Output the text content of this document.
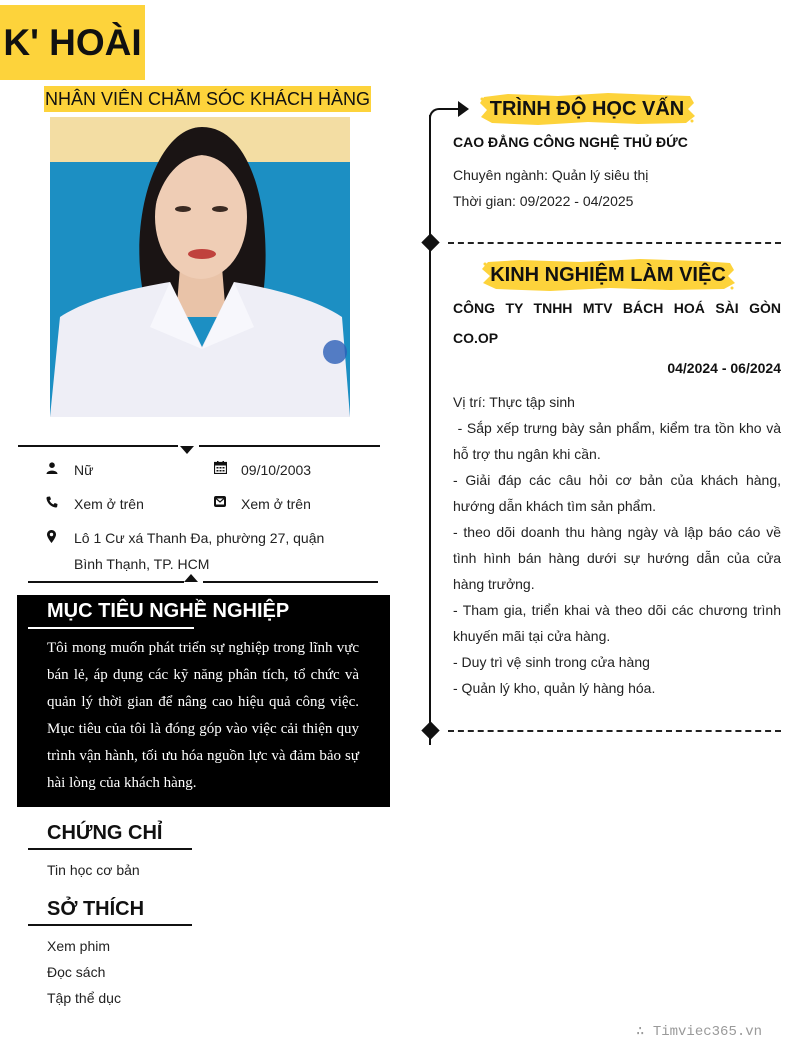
K' HOÀI
NHÂN VIÊN CHĂM SÓC KHÁCH HÀNG
Nữ	09/10/2003
Xem ở trên	Xem ở trên
Lô 1 Cư xá Thanh Đa, phường 27, quận
Bình Thạnh, TP. HCM
MỤC TIÊU NGHỀ NGHIỆP
Tôi mong muốn phát triển sự nghiệp trong lĩnh vực bán lẻ, áp dụng các kỹ năng phân tích, tổ chức và quản lý thời gian để nâng cao hiệu quả công việc. Mục tiêu của tôi là đóng góp vào việc cải thiện quy trình vận hành, tối ưu hóa nguồn lực và đảm bảo sự hài lòng của khách hàng.
CHỨNG CHỈ
Tin học cơ bản
SỞ THÍCH
Xem phim
Đọc sách
Tập thể dục
TRÌNH ĐỘ HỌC VẤN
CAO ĐẲNG CÔNG NGHỆ THỦ ĐỨC
Chuyên ngành: Quản lý siêu thị
Thời gian: 09/2022 - 04/2025
KINH NGHIỆM LÀM VIỆC
CÔNG TY TNHH MTV BÁCH HOÁ SÀI GÒN
CO.OP
04/2024 - 06/2024
Vị trí: Thực tập sinh
- Sắp xếp trưng bày sản phẩm, kiểm tra tồn kho và hỗ trợ thu ngân khi cần.
- Giải đáp các câu hỏi cơ bản của khách hàng, hướng dẫn khách tìm sản phẩm.
- theo dõi doanh thu hàng ngày và lập báo cáo về tình hình bán hàng dưới sự hướng dẫn của cửa hàng trưởng.
- Tham gia, triển khai và theo dõi các chương trình khuyến mãi tại cửa hàng.
- Duy trì vệ sinh trong cửa hàng
- Quản lý kho, quản lý hàng hóa.
∴ Timviec365.vn
